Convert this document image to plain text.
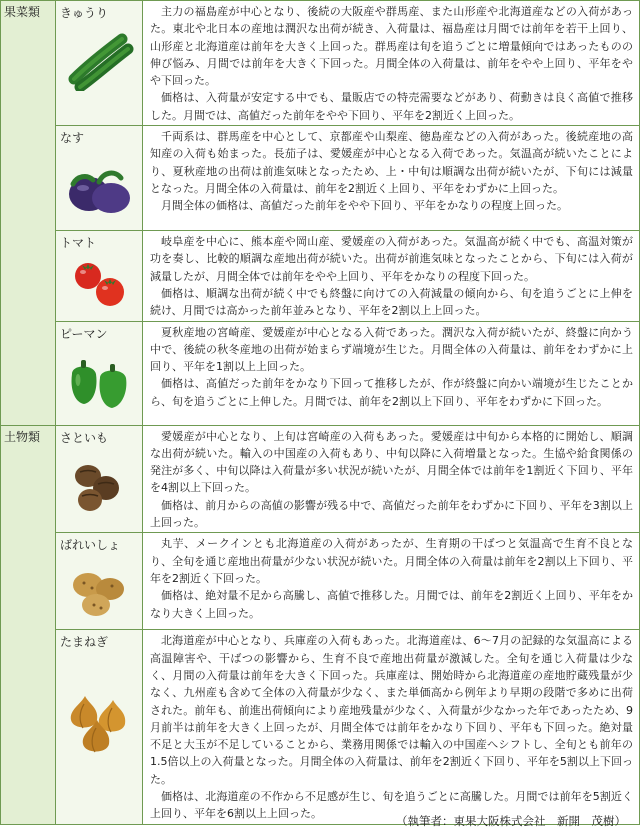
果菜類	きゅうり	主力の福島産が中心となり、後続の大阪産や群馬産、また山形産や北海道産などの入荷があった。東北や北日本の産地は潤沢な出荷が続き、入荷量は、福島産は月間では前年を若干上回り、山形産と北海道産は前年を大きく上回った。群馬産は旬を追うごとに増量傾向ではあったものの伸び悩み、月間では前年を大きく下回った。月間全体の入荷量は、前年をやや上回り、平年をやや下回った。

価格は、入荷量が安定する中でも、量販店での特売需要などがあり、荷動きは良く高値で推移した。月間では、高値だった前年をやや下回り、平年を2割近く上回った。

	なす	千両系は、群馬産を中心として、京都産や山梨産、徳島産などの入荷があった。後続産地の高知産の入荷も始まった。長茄子は、愛媛産が中心となる入荷であった。気温高が続いたことにより、夏秋産地の出荷は前進気味となったため、上・中旬は順調な出荷が続いたが、下旬には減量となった。月間全体の入荷量は、前年を2割近く上回り、平年をわずかに上回った。

月間全体の価格は、高値だった前年をやや下回り、平年をかなりの程度上回った。

	トマト	岐阜産を中心に、熊本産や岡山産、愛媛産の入荷があった。気温高が続く中でも、高温対策が功を奏し、比較的順調な産地出荷が続いた。出荷が前進気味となったことから、下旬には入荷が減量したが、月間全体では前年をやや上回り、平年をかなりの程度下回った。

価格は、順調な出荷が続く中でも終盤に向けての入荷減量の傾向から、旬を追うごとに上伸を続け、月間では高かった前年並みとなり、平年を2割以上上回った。

	ピーマン	夏秋産地の宮崎産、愛媛産が中心となる入荷であった。潤沢な入荷が続いたが、終盤に向かう中で、後続の秋冬産地の出荷が始まらず端境が生じた。月間全体の入荷量は、前年をわずかに上回り、平年を1割以上上回った。

価格は、高値だった前年をかなり下回って推移したが、作が終盤に向かい端境が生じたことから、旬を追うごとに上伸した。月間では、前年を2割以上下回り、平年をわずかに下回った。

土物類	さといも	愛媛産が中心となり、上旬は宮崎産の入荷もあった。愛媛産は中旬から本格的に開始し、順調な出荷が続いた。輸入の中国産の入荷もあり、中旬以降に入荷増量となった。生協や給食関係の発注が多く、中旬以降は入荷量が多い状況が続いたが、月間全体では前年を1割近く下回り、平年を4割以上下回った。

価格は、前月からの高値の影響が残る中で、高値だった前年をわずかに下回り、平年を3割以上上回った。

	ばれいしょ	丸芋、メークインとも北海道産の入荷があったが、生育期の干ばつと気温高で生育不良となり、全旬を通じ産地出荷量が少ない状況が続いた。月間全体の入荷量は前年を2割以上下回り、平年を2割近く下回った。

価格は、絶対量不足から高騰し、高値で推移した。月間では、前年を2割近く上回り、平年をかなり大きく上回った。

	たまねぎ	北海道産が中心となり、兵庫産の入荷もあった。北海道産は、6～7月の記録的な気温高による高温障害や、干ばつの影響から、生育不良で産地出荷量が激減した。全旬を通じ入荷量は少なく、月間の入荷量は前年を大きく下回った。兵庫産は、開始時から北海道産の産地貯蔵残量が少なく、九州産も含めて全体の入荷量が少なく、また単価高から例年より早期の段階で多めに出荷された。前年も、前進出荷傾向により産地残量が少なく、入荷量が少なかった年であったため、9月前半は前年を大きく上回ったが、月間全体では前年をかなり下回り、平年も下回った。絶対量不足と大玉が不足していることから、業務用関係では輸入の中国産へシフトし、全旬とも前年の1.5倍以上の入荷量となった。月間全体の入荷量は、前年を2割近く下回り、平年を5割以上下回った。

価格は、北海道産の不作から不足感が生じ、旬を追うごとに高騰した。月間では前年を5割近く上回り、平年を6割以上上回った。

（執筆者：東果大阪株式会社　新開　茂樹）
